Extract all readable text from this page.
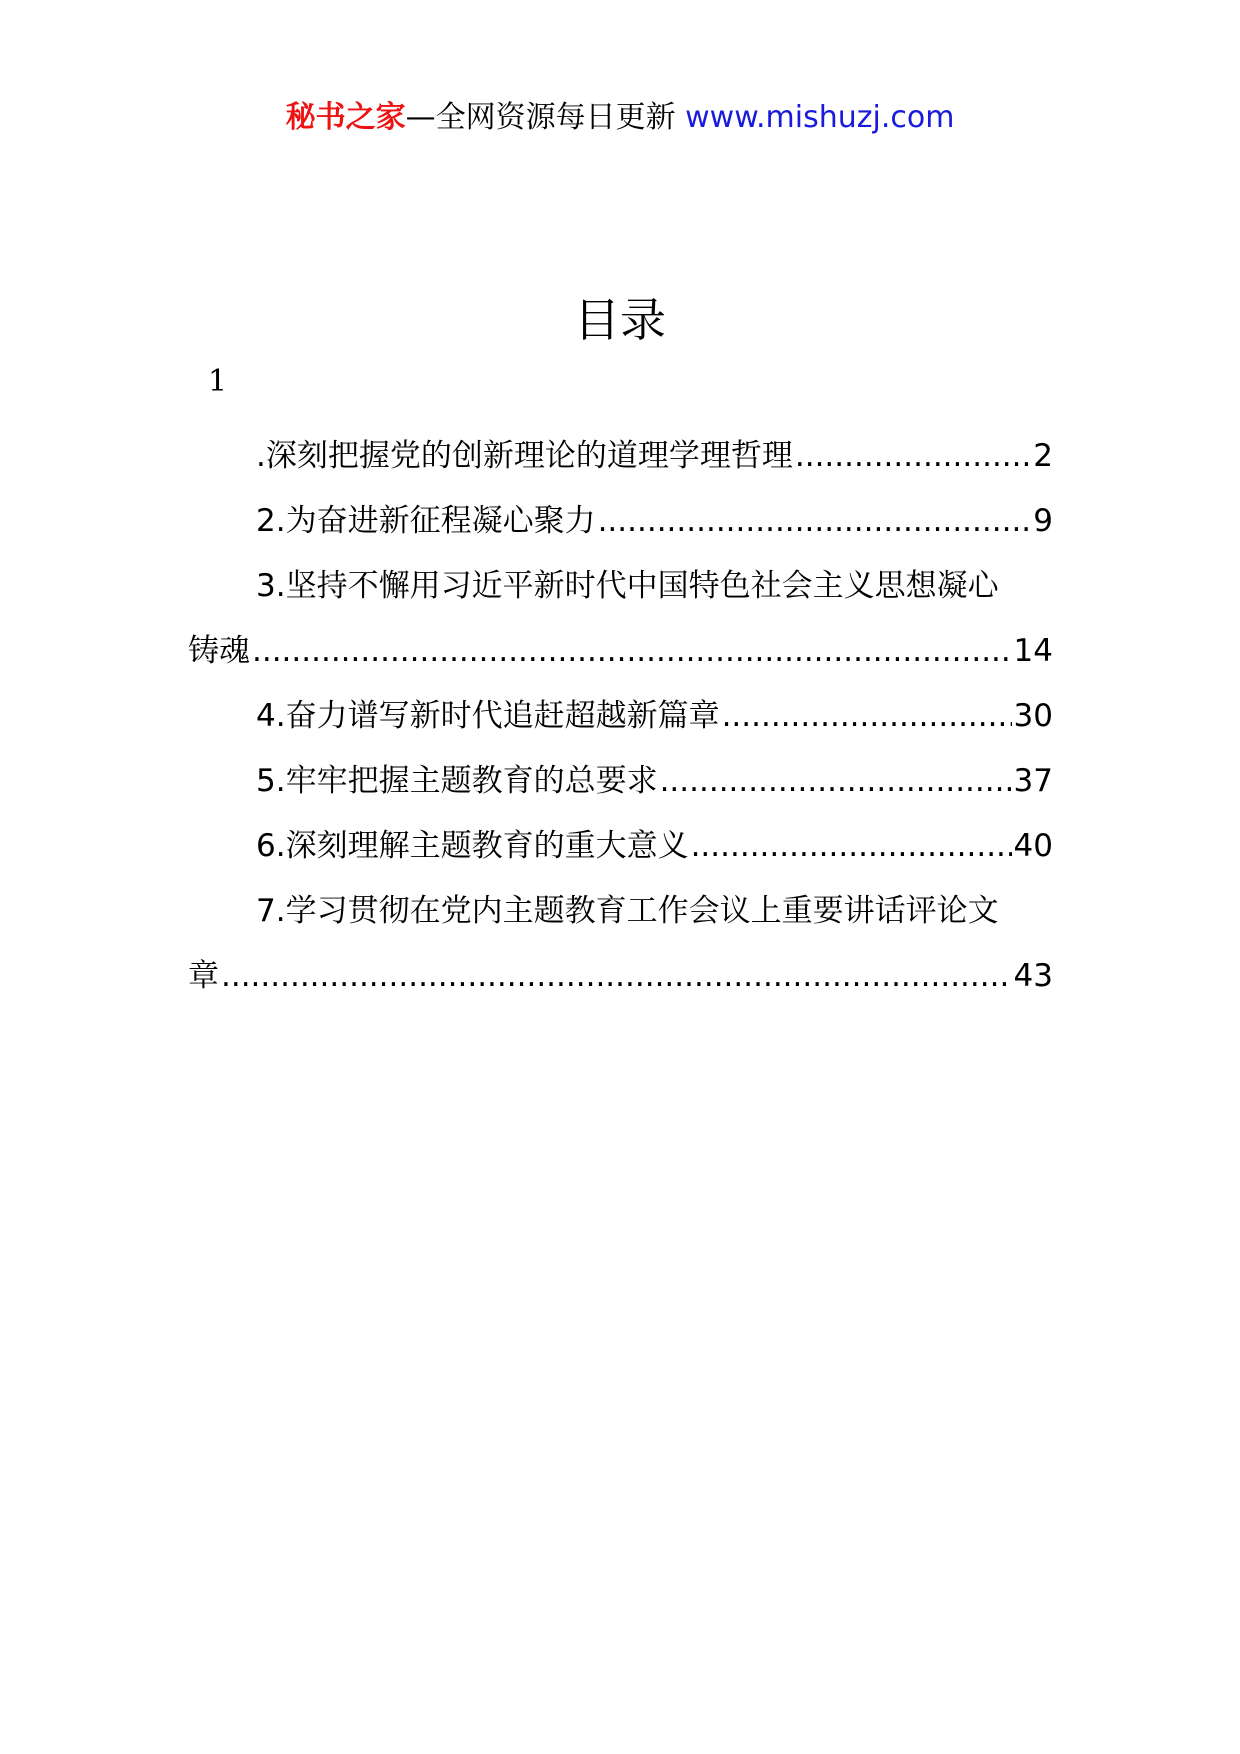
秘书之家—全网资源每日更新 www.mishuzj.com
目录
1
.深刻把握党的创新理论的道理学理哲理 .....	2
2.为奋进新征程凝心聚力 .....	9
3.坚持不懈用习近平新时代中国特色社会主义思想凝心
铸魂 .....	14
4.奋力谱写新时代追赶超越新篇章 .....	30
5.牢牢把握主题教育的总要求 .....	37
6.深刻理解主题教育的重大意义 .....	40
7.学习贯彻在党内主题教育工作会议上重要讲话评论文
章 .....	43
